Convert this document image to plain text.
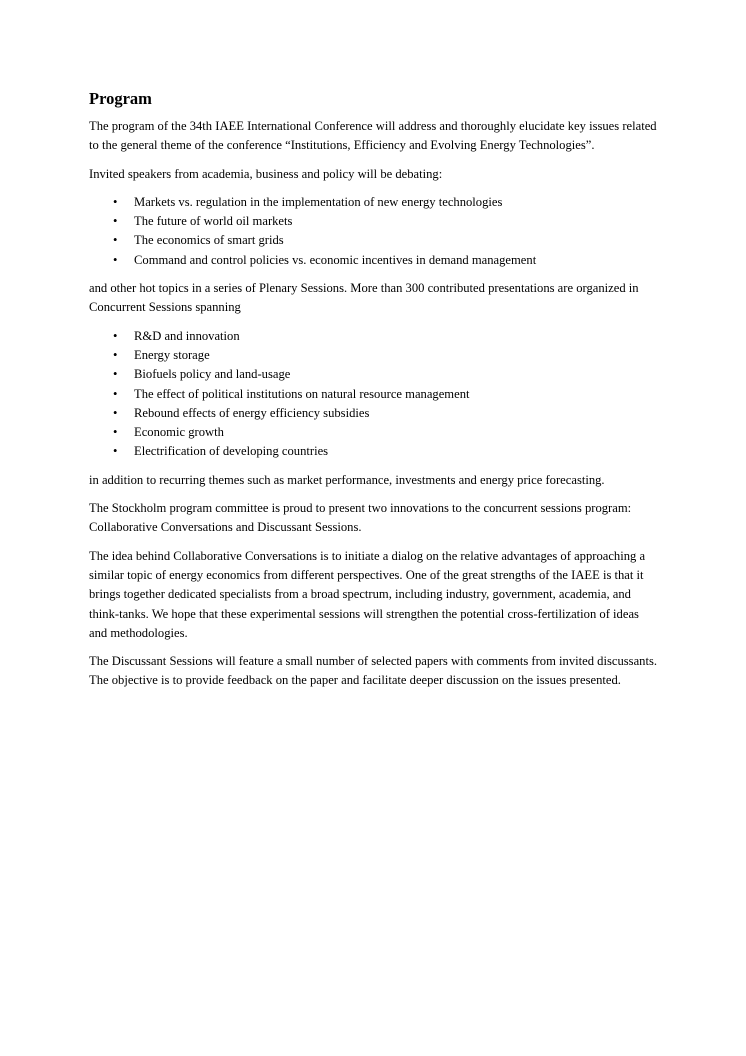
Program

The program of the 34th IAEE International Conference will address and thoroughly elucidate key issues related to the general theme of the conference “Institutions, Efficiency and Evolving Energy Technologies”.

Invited speakers from academia, business and policy will be debating:

• Markets vs. regulation in the implementation of new energy technologies
• The future of world oil markets
• The economics of smart grids
• Command and control policies vs. economic incentives in demand management

and other hot topics in a series of Plenary Sessions. More than 300 contributed presentations are organized in Concurrent Sessions spanning

• R&D and innovation
• Energy storage
• Biofuels policy and land-usage
• The effect of political institutions on natural resource management
• Rebound effects of energy efficiency subsidies
• Economic growth
• Electrification of developing countries

in addition to recurring themes such as market performance, investments and energy price forecasting.

The Stockholm program committee is proud to present two innovations to the concurrent sessions program: Collaborative Conversations and Discussant Sessions.

The idea behind Collaborative Conversations is to initiate a dialog on the relative advantages of approaching a similar topic of energy economics from different perspectives. One of the great strengths of the IAEE is that it brings together dedicated specialists from a broad spectrum, including industry, government, academia, and think-tanks. We hope that these experimental sessions will strengthen the potential cross-fertilization of ideas and methodologies.

The Discussant Sessions will feature a small number of selected papers with comments from invited discussants. The objective is to provide feedback on the paper and facilitate deeper discussion on the issues presented.
